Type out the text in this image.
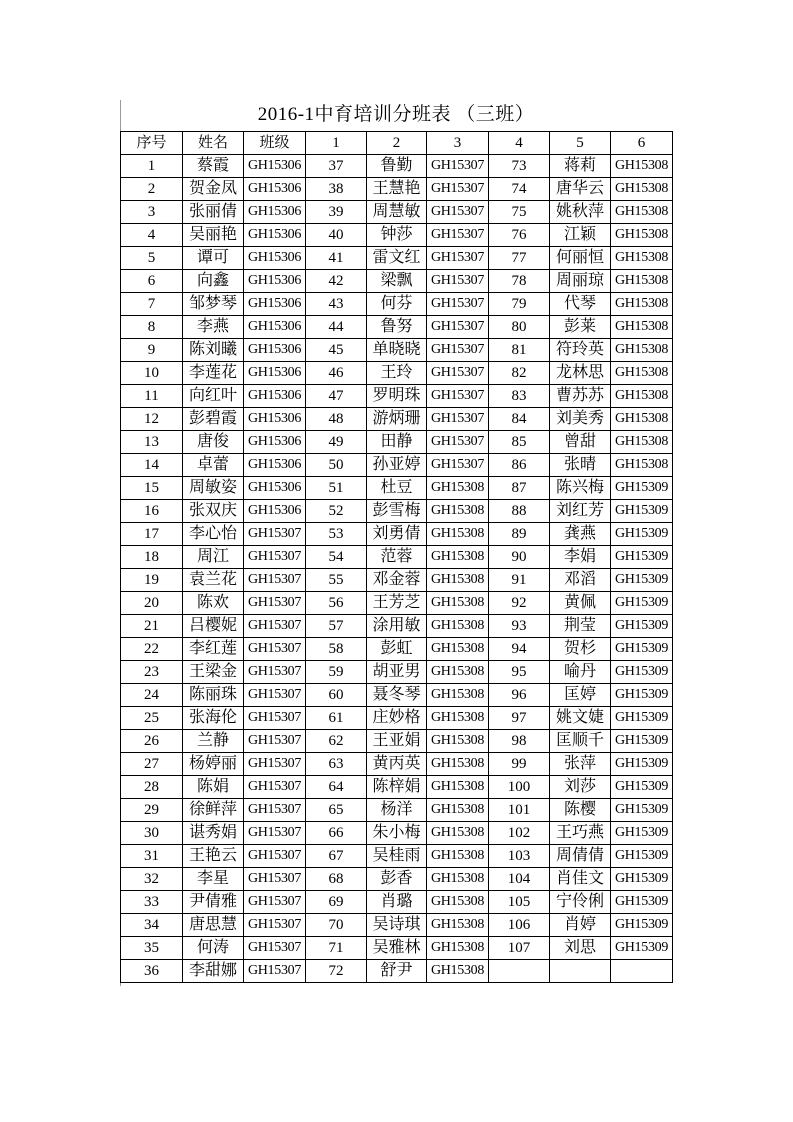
2016-1中育培训分班表 （三班）
序号	姓名	班级	1	2	3	4	5	6
1	蔡霞	GH15306	37	鲁勤	GH15307	73	蒋莉	GH15308
2	贺金凤	GH15306	38	王慧艳	GH15307	74	唐华云	GH15308
3	张丽倩	GH15306	39	周慧敏	GH15307	75	姚秋萍	GH15308
4	吴丽艳	GH15306	40	钟莎	GH15307	76	江颖	GH15308
5	谭可	GH15306	41	雷文红	GH15307	77	何丽恒	GH15308
6	向鑫	GH15306	42	梁飘	GH15307	78	周丽琼	GH15308
7	邹梦琴	GH15306	43	何芬	GH15307	79	代琴	GH15308
8	李燕	GH15306	44	鲁努	GH15307	80	彭莱	GH15308
9	陈刘曦	GH15306	45	单晓晓	GH15307	81	符玲英	GH15308
10	李莲花	GH15306	46	王玲	GH15307	82	龙林思	GH15308
11	向红叶	GH15306	47	罗明珠	GH15307	83	曹苏苏	GH15308
12	彭碧霞	GH15306	48	游炳珊	GH15307	84	刘美秀	GH15308
13	唐俊	GH15306	49	田静	GH15307	85	曾甜	GH15308
14	卓蕾	GH15306	50	孙亚婷	GH15307	86	张晴	GH15308
15	周敏姿	GH15306	51	杜豆	GH15308	87	陈兴梅	GH15309
16	张双庆	GH15306	52	彭雪梅	GH15308	88	刘红芳	GH15309
17	李心怡	GH15307	53	刘勇倩	GH15308	89	龚燕	GH15309
18	周江	GH15307	54	范蓉	GH15308	90	李娟	GH15309
19	袁兰花	GH15307	55	邓金蓉	GH15308	91	邓滔	GH15309
20	陈欢	GH15307	56	王芳芝	GH15308	92	黄佩	GH15309
21	吕樱妮	GH15307	57	涂用敏	GH15308	93	荆莹	GH15309
22	李红莲	GH15307	58	彭虹	GH15308	94	贺杉	GH15309
23	王梁金	GH15307	59	胡亚男	GH15308	95	喻丹	GH15309
24	陈丽珠	GH15307	60	聂冬琴	GH15308	96	匡婷	GH15309
25	张海伦	GH15307	61	庄妙格	GH15308	97	姚文婕	GH15309
26	兰静	GH15307	62	王亚娟	GH15308	98	匡顺千	GH15309
27	杨婷丽	GH15307	63	黄丙英	GH15308	99	张萍	GH15309
28	陈娟	GH15307	64	陈梓娟	GH15308	100	刘莎	GH15309
29	徐鲜萍	GH15307	65	杨洋	GH15308	101	陈樱	GH15309
30	谌秀娟	GH15307	66	朱小梅	GH15308	102	王巧燕	GH15309
31	王艳云	GH15307	67	吴桂雨	GH15308	103	周倩倩	GH15309
32	李星	GH15307	68	彭香	GH15308	104	肖佳文	GH15309
33	尹倩雅	GH15307	69	肖璐	GH15308	105	宁伶俐	GH15309
34	唐思慧	GH15307	70	吴诗琪	GH15308	106	肖婷	GH15309
35	何涛	GH15307	71	吴雅林	GH15308	107	刘思	GH15309
36	李甜娜	GH15307	72	舒尹	GH15308			
